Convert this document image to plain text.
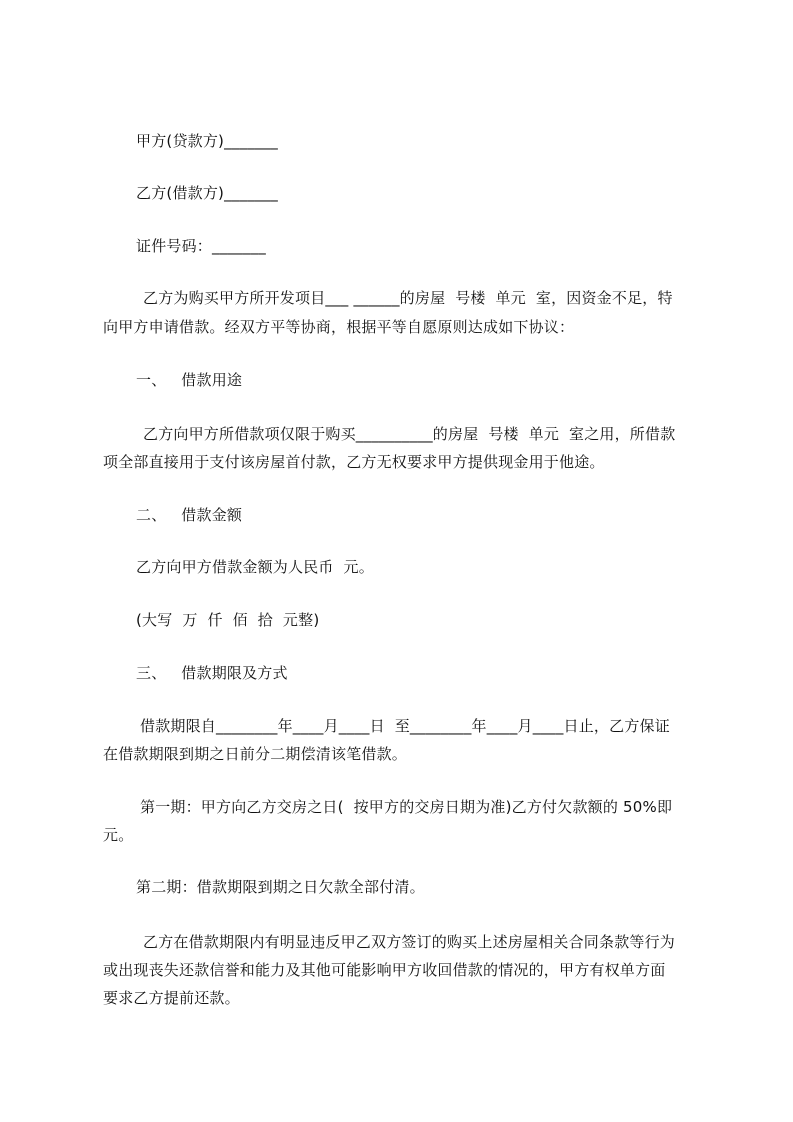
甲方(贷款方)_______
乙方(借款方)_______
证件号码：_______
乙方为购买甲方所开发项目___ ______的房屋  号楼  单元  室，因资金不足，特
向甲方申请借款。经双方平等协商，根据平等自愿原则达成如下协议：
一、   借款用途
乙方向甲方所借款项仅限于购买__________的房屋  号楼  单元  室之用，所借款
项全部直接用于支付该房屋首付款，乙方无权要求甲方提供现金用于他途。
二、   借款金额
乙方向甲方借款金额为人民币  元。
(大写  万  仟  佰  拾  元整)
三、   借款期限及方式
借款期限自________年____月____日  至________年____月____日止，乙方保证
在借款期限到期之日前分二期偿清该笔借款。
第一期：甲方向乙方交房之日(  按甲方的交房日期为准)乙方付欠款额的 50%即
元。
第二期：借款期限到期之日欠款全部付清。
乙方在借款期限内有明显违反甲乙双方签订的购买上述房屋相关合同条款等行为
或出现丧失还款信誉和能力及其他可能影响甲方收回借款的情况的，甲方有权单方面
要求乙方提前还款。
